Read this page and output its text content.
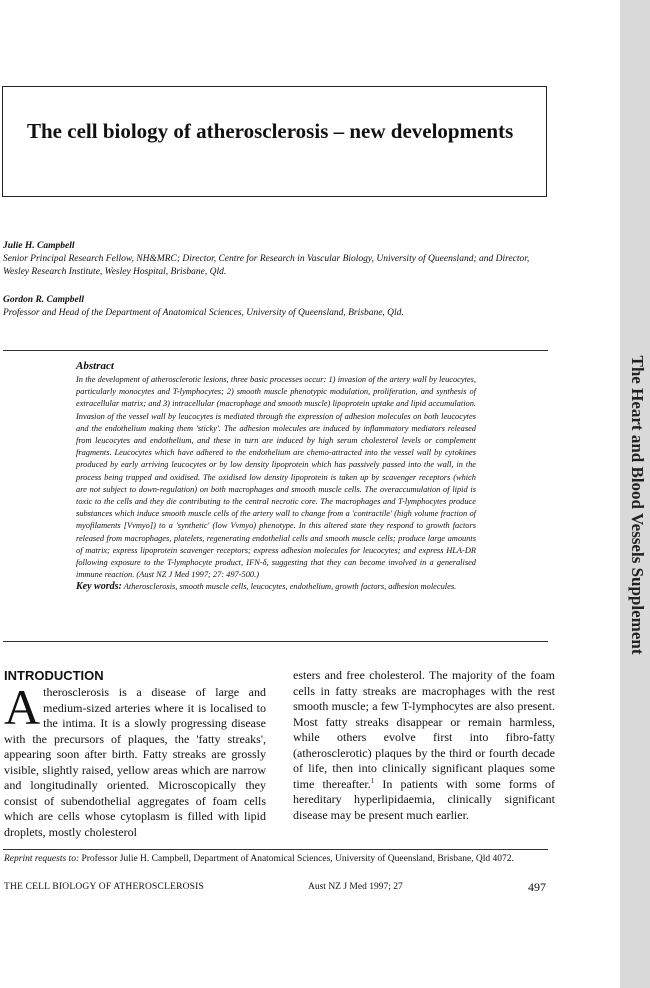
The Heart and Blood Vessels Supplement
The cell biology of atherosclerosis – new developments
Julie H. Campbell
Senior Principal Research Fellow, NH&MRC; Director, Centre for Research in Vascular Biology, University of Queensland; and Director, Wesley Research Institute, Wesley Hospital, Brisbane, Qld.
Gordon R. Campbell
Professor and Head of the Department of Anatomical Sciences, University of Queensland, Brisbane, Qld.
Abstract

In the development of atherosclerotic lesions, three basic processes occur: 1) invasion of the artery wall by leucocytes, particularly monocytes and T-lymphocytes; 2) smooth muscle phenotypic modulation, proliferation, and synthesis of extracellular matrix; and 3) intracellular (macrophage and smooth muscle) lipoprotein uptake and lipid accumulation. Invasion of the vessel wall by leucocytes is mediated through the expression of adhesion molecules on both leucocytes and the endothelium making them 'sticky'. The adhesion molecules are induced by inflammatory mediators released from leucocytes and endothelium, and these in turn are induced by high serum cholesterol levels or complement fragments. Leucocytes which have adhered to the endothelium are chemo-attracted into the vessel wall by cytokines produced by early arriving leucocytes or by low density lipoprotein which has passively passed into the wall, in the process being trapped and oxidised. The oxidised low density lipoprotein is taken up by scavenger receptors (which are not subject to down-regulation) on both macrophages and smooth muscle cells. The overaccumulation of lipid is toxic to the cells and they die contributing to the central necrotic core. The macrophages and T-lymphocytes produce substances which induce smooth muscle cells of the artery wall to change from a 'contractile' (high volume fraction of myofilaments [Vvmyo]) to a 'synthetic' (low Vvmyo) phenotype. In this altered state they respond to growth factors released from macrophages, platelets, regenerating endothelial cells and smooth muscle cells; produce large amounts of matrix; express lipoprotein scavenger receptors; express adhesion molecules for leucocytes; and express HLA-DR following exposure to the T-lymphocyte product, IFN-δ, suggesting that they can become involved in a generalised immune reaction. (Aust NZ J Med 1997; 27: 497-500.)

Key words: Atherosclerosis, smooth muscle cells, leucocytes, endothelium, growth factors, adhesion molecules.

INTRODUCTION

Atherosclerosis is a disease of large and medium-sized arteries where it is localised to the intima. It is a slowly progressing disease with the precursors of plaques, the 'fatty streaks', appearing soon after birth. Fatty streaks are grossly visible, slightly raised, yellow areas which are narrow and longitudinally oriented. Microscopically they consist of subendothelial aggregates of foam cells which are cells whose cytoplasm is filled with lipid droplets, mostly cholesterol

esters and free cholesterol. The majority of the foam cells in fatty streaks are macrophages with the rest smooth muscle; a few T-lymphocytes are also present. Most fatty streaks disappear or remain harmless, while others evolve first into fibro-fatty (atherosclerotic) plaques by the third or fourth decade of life, then into clinically significant plaques some time thereafter.$^1$ In patients with some forms of hereditary hyperlipidaemia, clinically significant disease may be present much earlier.

Reprint requests to: Professor Julie H. Campbell, Department of Anatomical Sciences, University of Queensland, Brisbane, Qld 4072.
THE CELL BIOLOGY OF ATHEROSCLEROSIS	Aust NZ J Med 1997; 27	497
